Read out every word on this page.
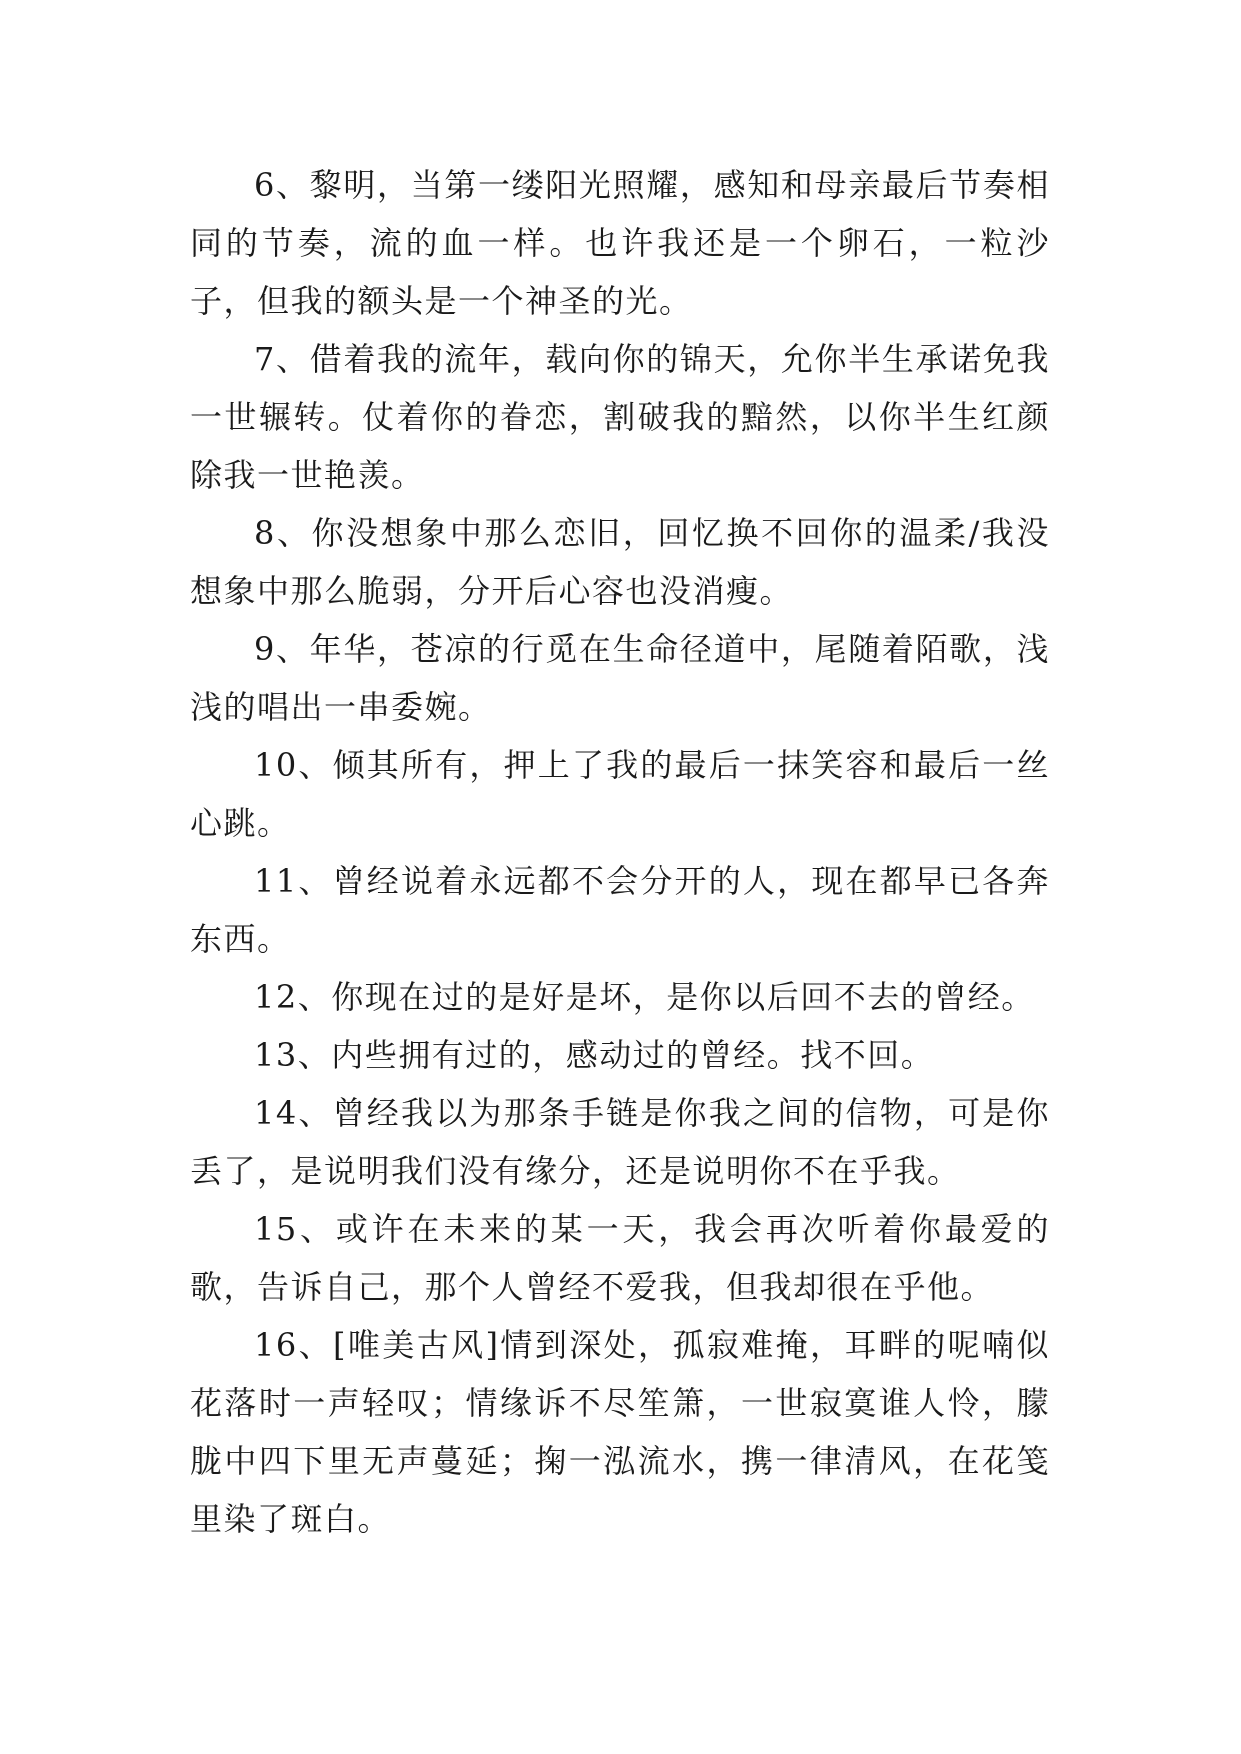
6、黎明，当第一缕阳光照耀，感知和母亲最后节奏相同的节奏，流的血一样。也许我还是一个卵石，一粒沙子，但我的额头是一个神圣的光。

7、借着我的流年，载向你的锦天，允你半生承诺免我一世辗转。仗着你的眷恋，割破我的黯然，以你半生红颜除我一世艳羡。

8、你没想象中那么恋旧，回忆换不回你的温柔/我没想象中那么脆弱，分开后心容也没消瘦。

9、年华，苍凉的行觅在生命径道中，尾随着陌歌，浅浅的唱出一串委婉。

10、倾其所有，押上了我的最后一抹笑容和最后一丝心跳。

11、曾经说着永远都不会分开的人，现在都早已各奔东西。

12、你现在过的是好是坏，是你以后回不去的曾经。

13、内些拥有过的，感动过的曾经。找不回。

14、曾经我以为那条手链是你我之间的信物，可是你丢了，是说明我们没有缘分，还是说明你不在乎我。

15、或许在未来的某一天，我会再次听着你最爱的歌，告诉自己，那个人曾经不爱我，但我却很在乎他。

16、[唯美古风]情到深处，孤寂难掩，耳畔的呢喃似花落时一声轻叹；情缘诉不尽笙箫，一世寂寞谁人怜，朦胧中四下里无声蔓延；掬一泓流水，携一律清风，在花笺里染了斑白。
